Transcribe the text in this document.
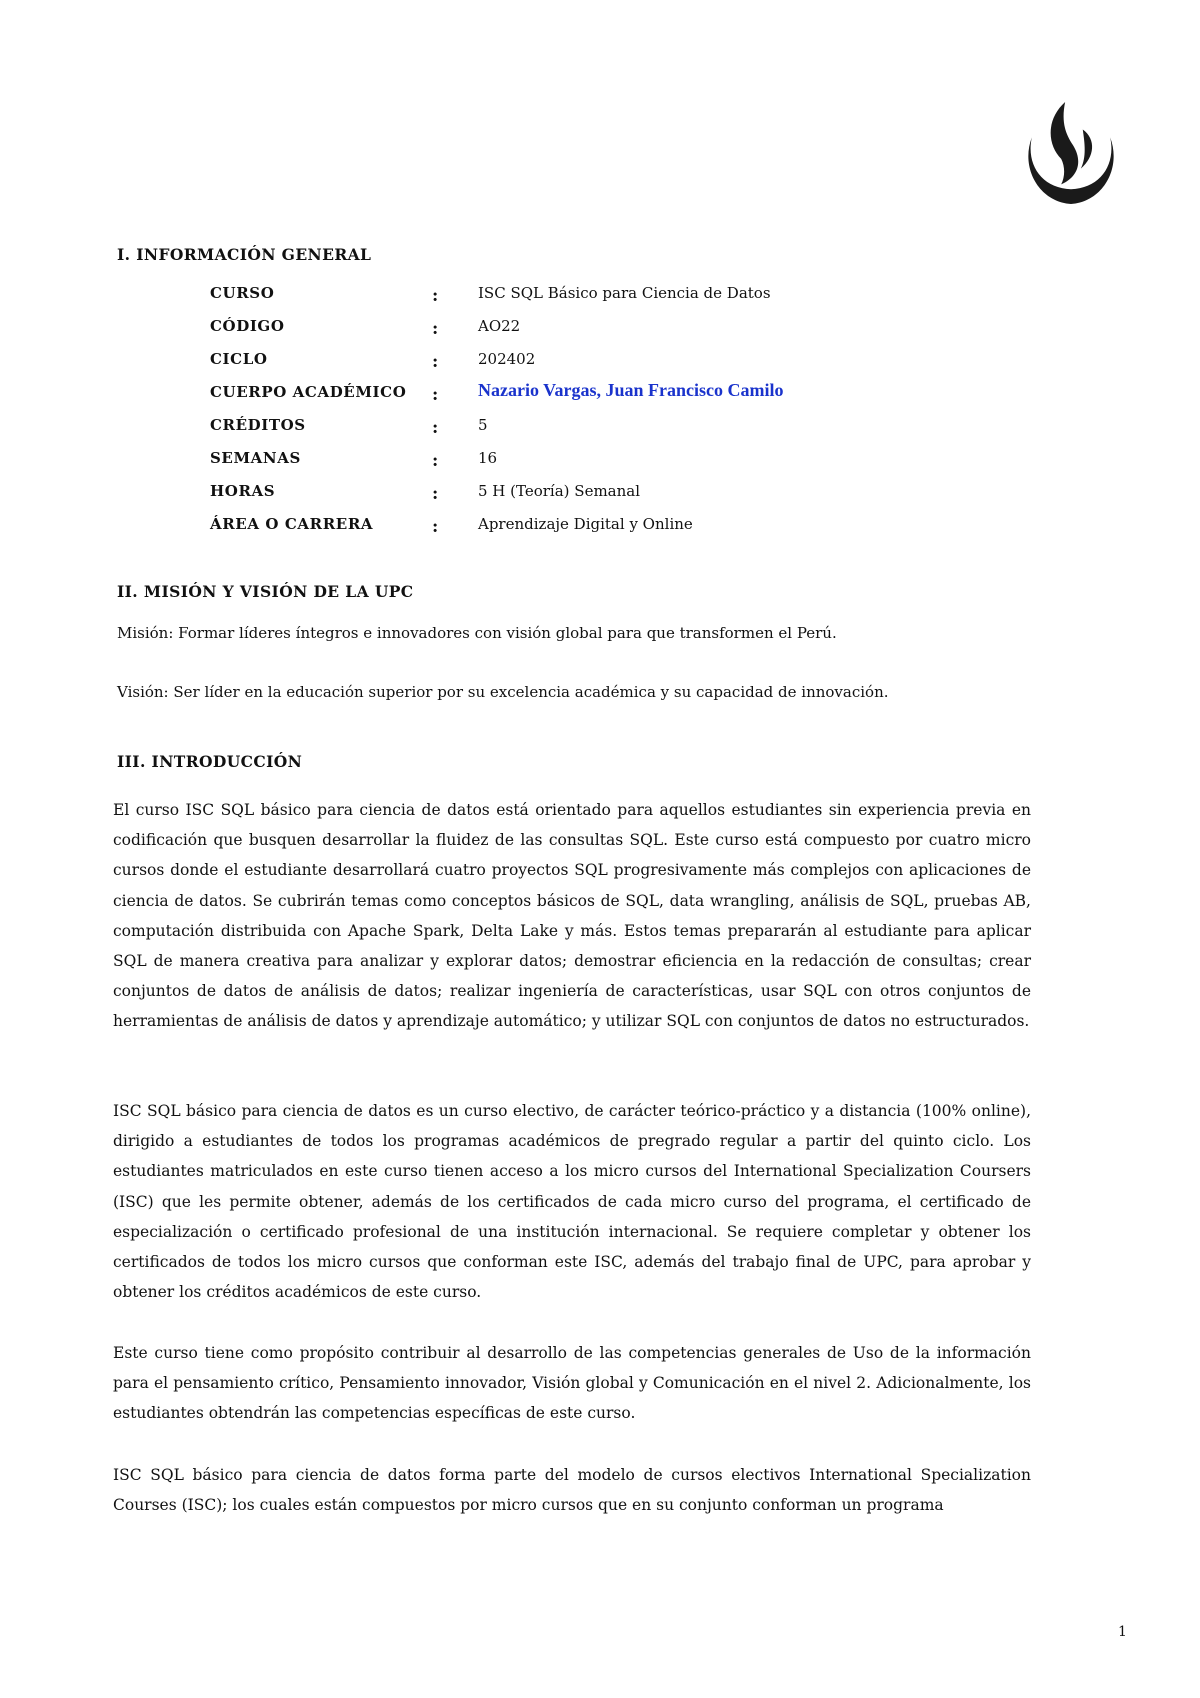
I. INFORMACIÓN GENERAL
CURSO	:	ISC SQL Básico para Ciencia de Datos
CÓDIGO	:	AO22
CICLO	:	202402
CUERPO ACADÉMICO : Nazario Vargas, Juan Francisco Camilo
CRÉDITOS	:	5
SEMANAS	:	16
HORAS	:	5 H (Teoría) Semanal
ÁREA O CARRERA	:	Aprendizaje Digital y Online
II. MISIÓN Y VISIÓN DE LA UPC

Misión: Formar líderes íntegros e innovadores con visión global para que transformen el Perú.

Visión: Ser líder en la educación superior por su excelencia académica y su capacidad de innovación.

III. INTRODUCCIÓN

El curso ISC SQL básico para ciencia de datos está orientado para aquellos estudiantes sin experiencia previa en codificación que busquen desarrollar la fluidez de las consultas SQL. Este curso está compuesto por cuatro micro cursos donde el estudiante desarrollará cuatro proyectos SQL progresivamente más complejos con aplicaciones de ciencia de datos. Se cubrirán temas como conceptos básicos de SQL, data wrangling, análisis de SQL, pruebas AB, computación distribuida con Apache Spark, Delta Lake y más. Estos temas prepararán al estudiante para aplicar SQL de manera creativa para analizar y explorar datos; demostrar eficiencia en la redacción de consultas; crear conjuntos de datos de análisis de datos; realizar ingeniería de características, usar SQL con otros conjuntos de herramientas de análisis de datos y aprendizaje automático; y utilizar SQL con conjuntos de datos no estructurados.

ISC SQL básico para ciencia de datos es un curso electivo, de carácter teórico-práctico y a distancia (100% online), dirigido a estudiantes de todos los programas académicos de pregrado regular a partir del quinto ciclo. Los estudiantes matriculados en este curso tienen acceso a los micro cursos del International Specialization Coursers (ISC) que les permite obtener, además de los certificados de cada micro curso del programa, el certificado de especialización o certificado profesional de una institución internacional. Se requiere completar y obtener los certificados de todos los micro cursos que conforman este ISC, además del trabajo final de UPC, para aprobar y obtener los créditos académicos de este curso.

Este curso tiene como propósito contribuir al desarrollo de las competencias generales de Uso de la información para el pensamiento crítico, Pensamiento innovador, Visión global y Comunicación en el nivel 2. Adicionalmente, los estudiantes obtendrán las competencias específicas de este curso.

ISC SQL básico para ciencia de datos forma parte del modelo de cursos electivos International Specialization Courses (ISC); los cuales están compuestos por micro cursos que en su conjunto conforman un programa

1
